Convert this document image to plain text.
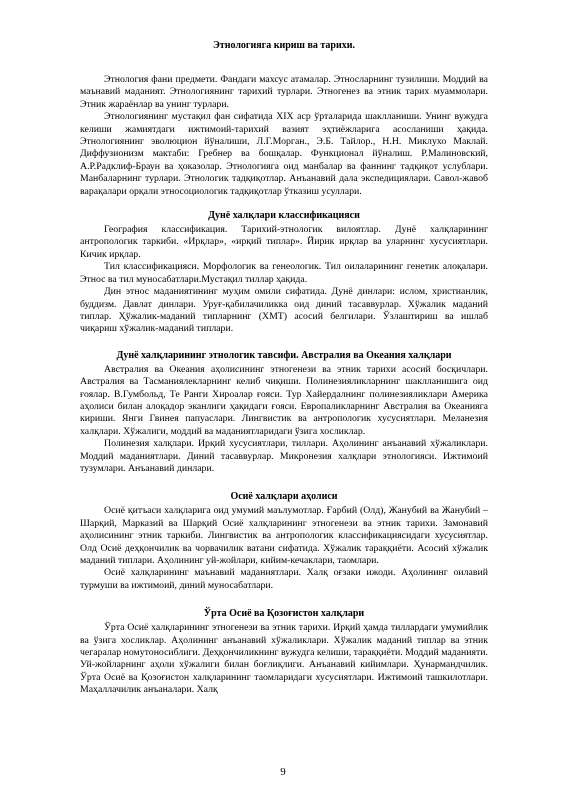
Этнологияга кириш ва тарихи.

Этнология фани предмети. Фандаги махсус атамалар. Этносларнинг тузилиши. Моддий ва маънавий маданият. Этнологиянинг тарихий турлари. Этногенез ва этник тарих муаммолари. Этник жараёнлар ва унинг турлари.

Этнологиянинг мустақил фан сифатида XIX аср ўрталарида шаклланиши. Унинг вужудга келиши жамиятдаги ижтимоий-тарихий вазият эҳтиёжларига асосланиши ҳақида. Этнологиянинг эволюцион йўналиши, Л.Г.Морган., Э.Б. Тайлор., Н.Н. Миклухо Маклай. Диффузионизм мактаби: Гребнер ва бошқалар. Функционал йўналиш. Р.Малиновский, А.Р.Радклиф-Браун ва ҳоказолар. Этнологияга оид манбалар ва фаннинг тадқиқот услублари. Манбаларнинг турлари. Этнологик тадқиқотлар. Анъанавий дала экспедициялари. Савол-жавоб варақалари орқали этносоциологик тадқиқотлар ўтказиш усуллари.

Дунё халқлари классификацияси

География классификация. Тарихий-этнологик вилоятлар. Дунё халқларининг антропологик таркиби. «Ирқлар», «ирқий типлар». Йирик ирқлар ва уларнинг хусусиятлари. Кичик ирқлар.

Тил классификацияси. Морфологик ва генеологик. Тил оилаларининг генетик алоқалари. Этнос ва тил муносабатлари.Мустақил тиллар ҳақида.

Дин этнос маданиятининг муҳим омили сифатида. Дунё динлари: ислом, христианлик, буддизм. Давлат динлари. Уруғ-қабилачиликка оид диний тасаввурлар. Хўжалик маданий типлар. Ҳўжалик-маданий типларнинг (ХМТ) асосий белгилари. Ўзлаштириш ва ишлаб чиқариш хўжалик-маданий типлари.

Дунё халқларининг этнологик тавсифи. Австралия ва Океания халқлари

Австралия ва Океания аҳолисининг этногенези ва этник тарихи асосий босқичлари. Австралия ва Тасманиялекларнинг келиб чиқиши. Полинезияликларнинг шаклланишига оид ғоялар. В.Гумбольд, Те Ранги Хироалар ғояси. Тур Хайердалнинг полинезияликлари Америка аҳолиси билан алоқадор эканлиги ҳақидаги ғояси. Европаликларнинг Австралия ва Океанияга кириши. Янги Гвинея папуаслари. Лингвистик ва антропологик хусусиятлари. Меланезия халқлари. Хўжалиги, моддий ва маданиятларидаги ўзига хосликлар.

Полинезия халқлари. Ирқий хусусиятлари, тиллари. Аҳолининг анъанавий хўжаликлари. Моддий маданиятлари. Диний тасаввурлар. Микронезия халқлари этнологияси. Ижтимоий тузумлари. Анъанавий динлари.

Осиё халқлари аҳолиси

Осиё қитъаси халқларига оид умумий маълумотлар. Ғарбий (Олд), Жанубий ва Жанубий – Шарқий, Марказий ва Шарқий Осиё халқларининг этногенези ва этник тарихи. Замонавий аҳолисининг этник таркиби. Лингвистик ва антропологик классификациясидаги хусусиятлар. Олд Осиё деҳқончилик ва чорвачилик ватани сифатида. Хўжалик тараққиёти. Асосий хўжалик маданий типлари. Аҳолининг уй-жойлари, кийим-кечаклари, таомлари.

Осиё халқларининг маънавий маданиятлари. Халқ оғзаки ижоди. Аҳолининг оилавий турмуши ва ижтимоий, диний муносабатлари.

Ўрта Осиё ва Қозоғистон халқлари

Ўрта Осиё халқларининг этногенези ва этник тарихи. Ирқий ҳамда тиллардаги умумийлик ва ўзига хосликлар. Аҳолининг анъанавий хўжаликлари. Хўжалик маданий типлар ва этник чегаралар номутоносиблиги. Деҳқончиликнинг вужудга келиши, тараққиёти. Моддий маданияти. Уй-жойларнинг аҳоли хўжалиги билан боғлиқлиги. Анъанавий кийимлари. Ҳунармандчилик. Ўрта Осиё ва Қозоғистон халқларининг таомларидаги хусусиятлари. Ижтимоий ташкилотлари. Маҳаллачилик анъаналари. Халқ

9
